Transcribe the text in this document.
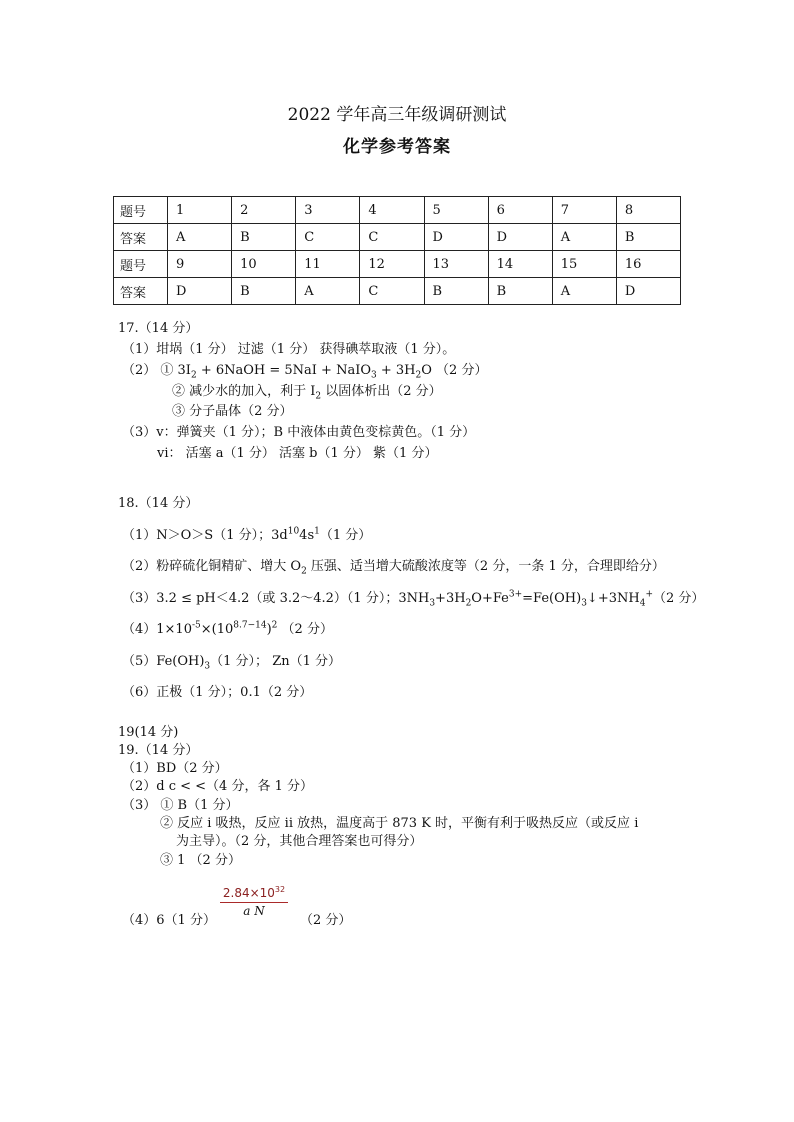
2022 学年高三年级调研测试
化学参考答案
题号	1	2	3	4	5	6	7	8
答案	A	B	C	C	D	D	A	B
题号	9	10	11	12	13	14	15	16
答案	D	B	A	C	B	B	A	D
17.（14 分）
（1）坩埚（1 分） 过滤（1 分） 获得碘萃取液（1 分）。
（2） ① $3I_2$ + 6NaOH = 5NaI + NaIO$_3$ + $3H_2O$ （2 分）
② 减少水的加入，利于 $I_2$ 以固体析出（2 分）
③ 分子晶体（2 分）
（3）v：弹簧夹（1 分）；B 中液体由黄色变棕黄色。（1 分）
vi： 活塞 a（1 分） 活塞 b（1 分） 紫（1 分）
18.（14 分）
（1）N＞O＞S（1 分）；$3d^{10}4s^1(1$ 分）
（2）粉碎硫化铜精矿、增大 $O_2$ 压强、适当增大硫酸浓度等（2 分，一条 1 分，合理即给分）
（3）3.2 ≤ pH＜4.2（或 3.2～4.2）（1 分）；$3NH_3+3H_2O+Fe^{3+}=Fe(OH)_3↓+3NH_4^+(2$ 分）
$(4)1\times 10^{-5}\times(10^{8.7-14})^2$ （2 分）
$(5)Fe(OH)_3(1$ 分）； Zn（1 分）
（6）正极（1 分）；0.1（2 分）
19(14 分)
19.（14 分）
（1）BD（2 分）
（2）d c < <（4 分，各 1 分）
（3） ① B（1 分）
② 反应 i 吸热，反应 ii 放热，温度高于 873 K 时，平衡有利于吸热反应（或反应 i
为主导）。（2 分，其他合理答案也可得分）
③ 1 （2 分）
$2.84\times 10^{32}$
a N
（4）6（1 分）	（2 分）
